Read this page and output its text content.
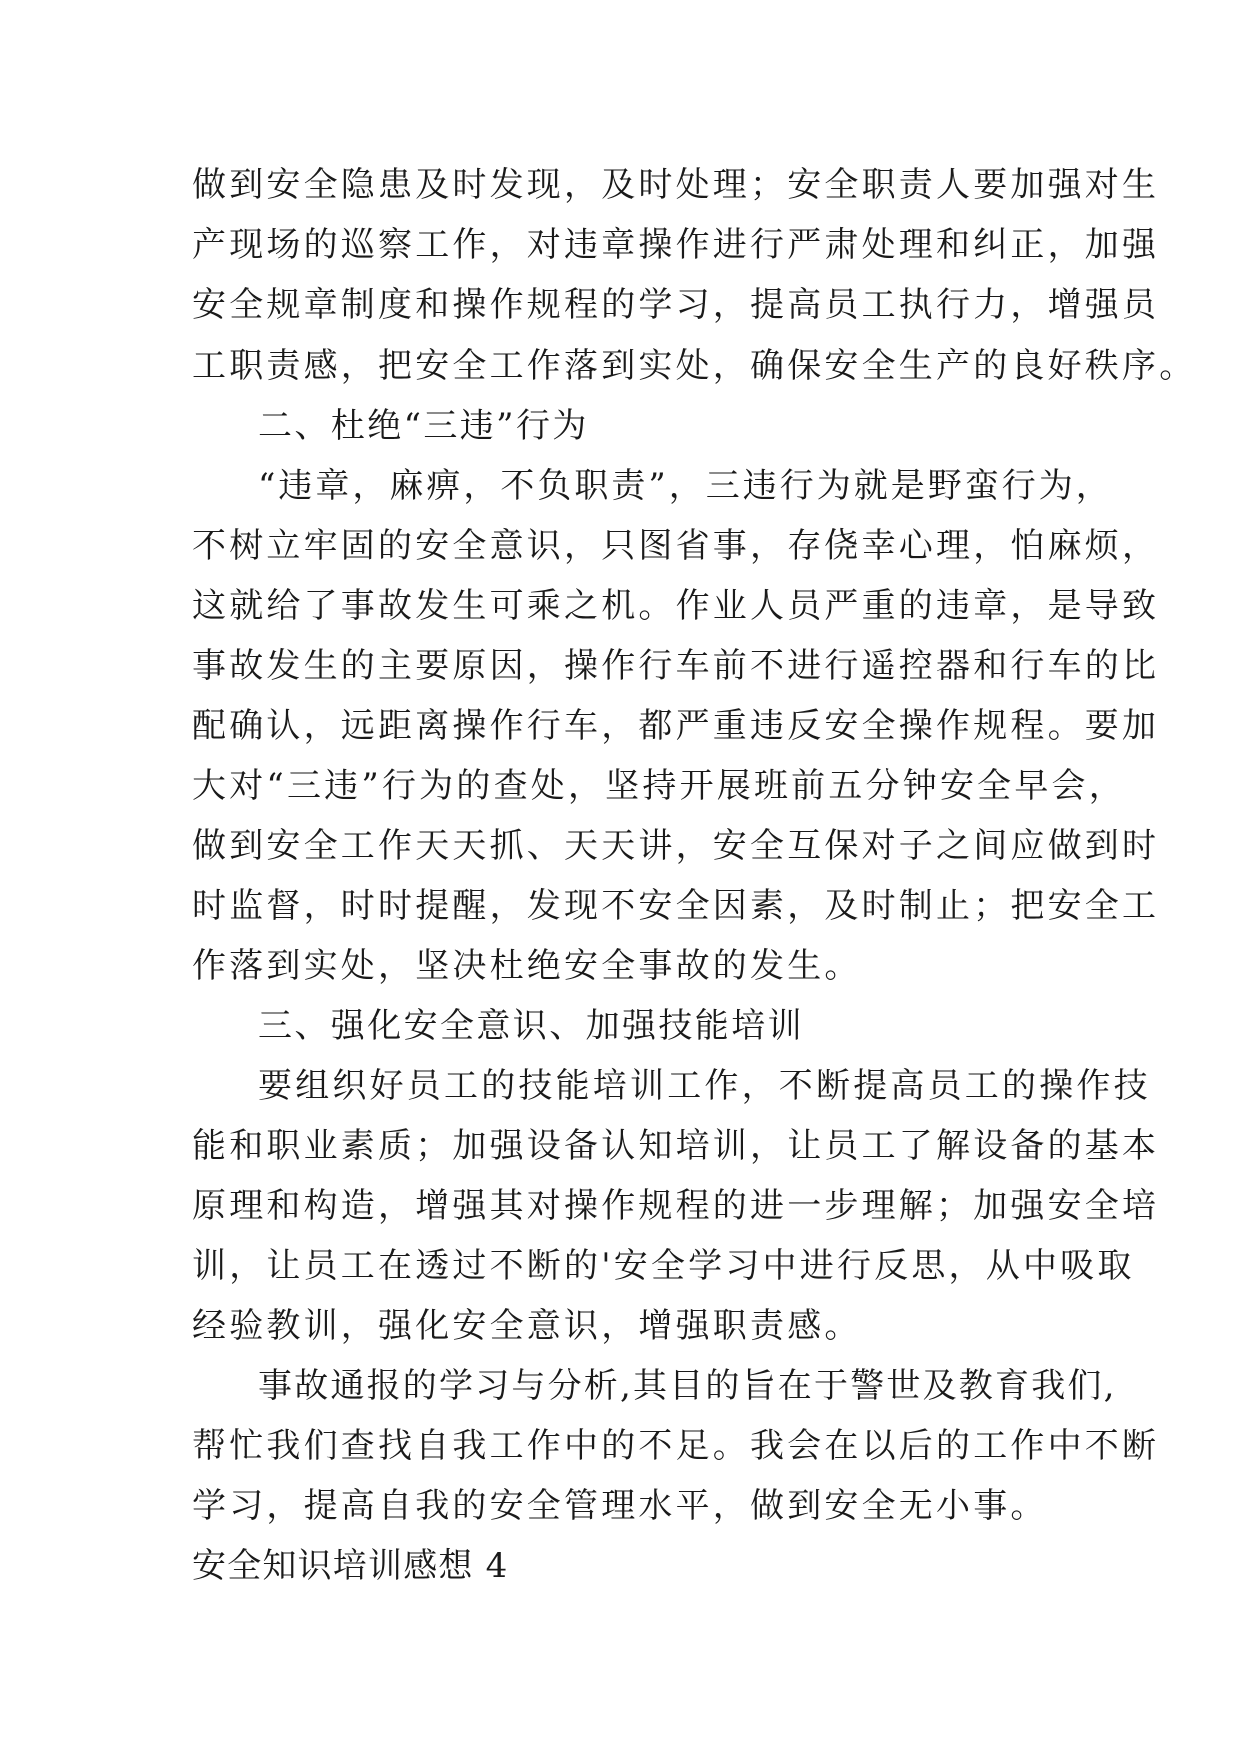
做到安全隐患及时发现，及时处理；安全职责人要加强对生
产现场的巡察工作，对违章操作进行严肃处理和纠正，加强
安全规章制度和操作规程的学习，提高员工执行力，增强员
工职责感，把安全工作落到实处，确保安全生产的良好秩序。
二、杜绝“三违”行为
“违章，麻痹，不负职责”，三违行为就是野蛮行为，
不树立牢固的安全意识，只图省事，存侥幸心理，怕麻烦，
这就给了事故发生可乘之机。作业人员严重的违章，是导致
事故发生的主要原因，操作行车前不进行遥控器和行车的比
配确认，远距离操作行车，都严重违反安全操作规程。要加
大对“三违”行为的查处，坚持开展班前五分钟安全早会，
做到安全工作天天抓、天天讲，安全互保对子之间应做到时
时监督，时时提醒，发现不安全因素，及时制止；把安全工
作落到实处，坚决杜绝安全事故的发生。
三、强化安全意识、加强技能培训
要组织好员工的技能培训工作，不断提高员工的操作技
能和职业素质；加强设备认知培训，让员工了解设备的基本
原理和构造，增强其对操作规程的进一步理解；加强安全培
训，让员工在透过不断的'安全学习中进行反思，从中吸取
经验教训，强化安全意识，增强职责感。
事故通报的学习与分析,其目的旨在于警世及教育我们,
帮忙我们查找自我工作中的不足。我会在以后的工作中不断
学习，提高自我的安全管理水平，做到安全无小事。
安全知识培训感想 4
